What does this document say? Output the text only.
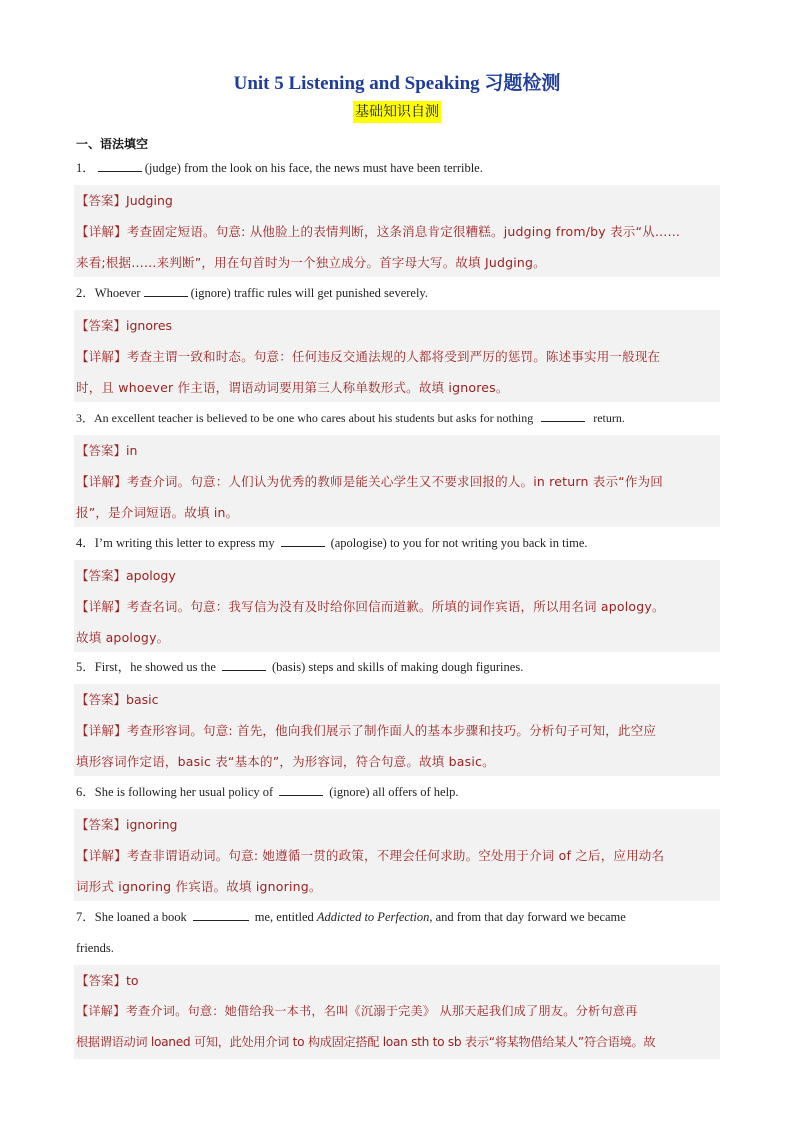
Unit 5 Listening and Speaking 习题检测
基础知识自测
一、语法填空
1．	(judge) from the look on his face, the news must have been terrible.
【答案】Judging
【详解】考查固定短语。句意: 从他脸上的表情判断，这条消息肯定很糟糕。judging from/by 表示“从……
来看;根据……来判断”，用在句首时为一个独立成分。首字母大写。故填 Judging。
2．Whoever	(ignore) traffic rules will get punished severely.
【答案】ignores
【详解】考查主谓一致和时态。句意：任何违反交通法规的人都将受到严厉的惩罚。陈述事实用一般现在
时，且 whoever 作主语，谓语动词要用第三人称单数形式。故填 ignores。
3．An excellent teacher is believed to be one who cares about his students but asks for nothing	return.
【答案】in
【详解】考查介词。句意：人们认为优秀的教师是能关心学生又不要求回报的人。in return 表示“作为回
报”，是介词短语。故填 in。
4．I’m writing this letter to express my	(apologise) to you for not writing you back in time.
【答案】apology
【详解】考查名词。句意：我写信为没有及时给你回信而道歉。所填的词作宾语，所以用名词 apology。
故填 apology。
5．First，he showed us the	(basis) steps and skills of making dough figurines.
【答案】basic
【详解】考查形容词。句意: 首先，他向我们展示了制作面人的基本步骤和技巧。分析句子可知，此空应
填形容词作定语，basic 表“基本的”，为形容词，符合句意。故填 basic。
6．She is following her usual policy of	(ignore) all offers of help.
【答案】ignoring
【详解】考查非谓语动词。句意: 她遵循一贯的政策，不理会任何求助。空处用于介词 of 之后，应用动名
词形式 ignoring 作宾语。故填 ignoring。
7．She loaned a book	me, entitled Addicted to Perfection, and from that day forward we became
friends.
【答案】to
【详解】考查介词。句意：她借给我一本书，名叫《沉溺于完美》 从那天起我们成了朋友。分析句意再
根据谓语动词 loaned 可知，此处用介词 to 构成固定搭配 loan sth to sb 表示“将某物借给某人”符合语境。故
